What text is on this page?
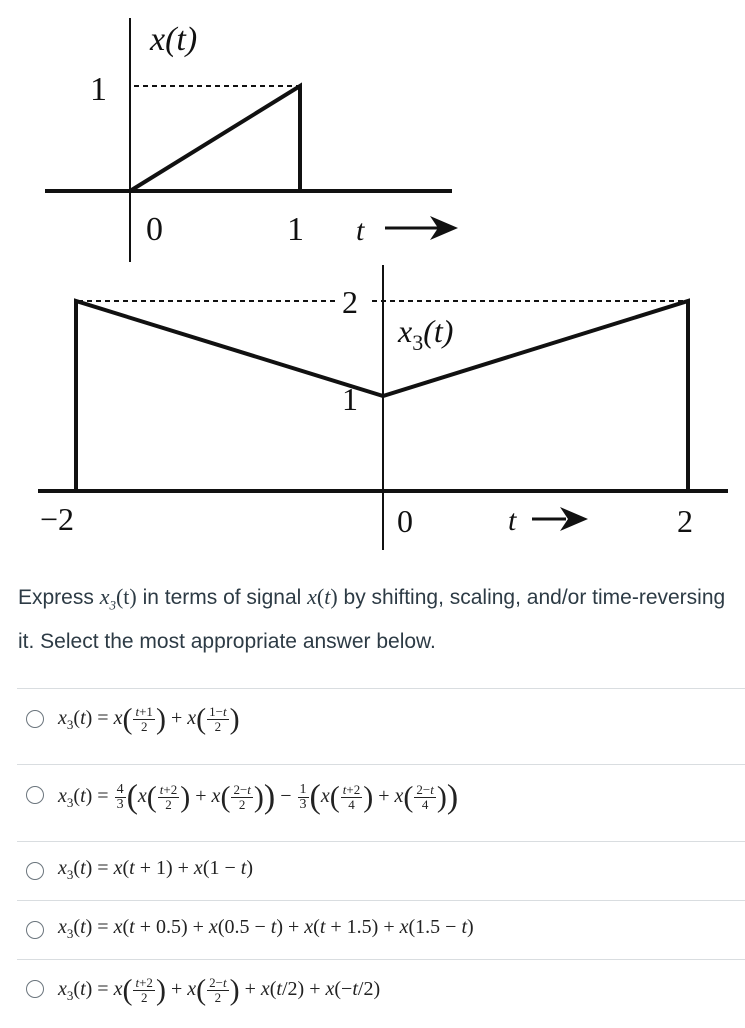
x(t)
1
0	1 t
2
1
$x_3(t)$
−2	0	2
t
Express $x_3(t)$ in terms of signal x(t) by shifting, scaling, and/or time-reversing it. Select the most appropriate answer below.
$x_3(t) = x( \frac{t+1}{2}$ ) + $x( \frac{1-t}{2}$ )
$x_3(t) = \frac{4}{3} (x( \frac{t+2}{2}$ ) + $x( \frac{2-t}{2}$ )) − $\frac{1}{3} (x( \frac{t+2}{4}$ ) + $x( \frac{2-t}{4}$ ))
$x_3(t) = x(t + 1) + x(1 - t)$
$x_3(t) = x(t + 0.5) + x(0.5 - t) + x(t + 1.5) + x(1.5 - t)$
$x_3(t) = x( \frac{t+2}{2}$ ) + $x( \frac{2-t}{2}$ ) + x(t/2) + x(−t/2)
